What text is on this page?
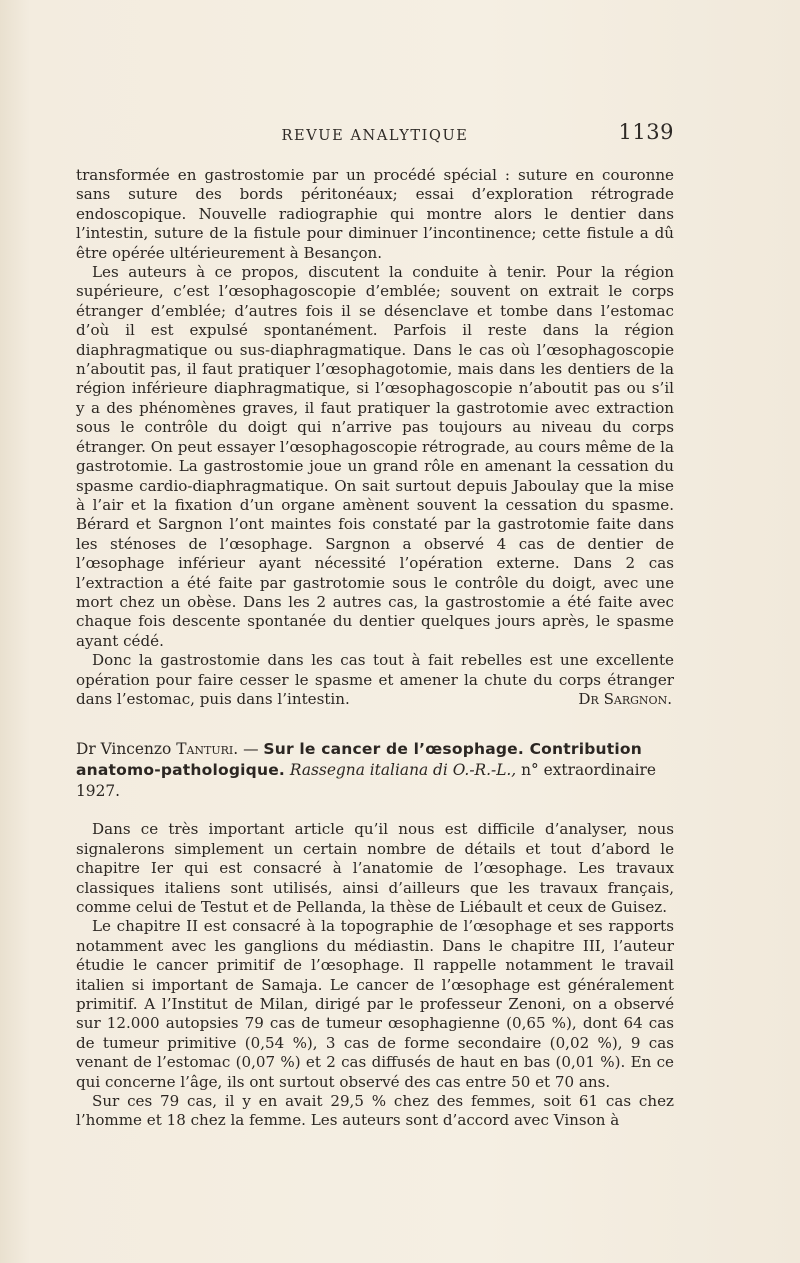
REVUE ANALYTIQUE	1139

transformée en gastrostomie par un procédé spécial : suture en couronne sans suture des bords péritonéaux; essai d’exploration rétrograde endoscopique. Nouvelle radiographie qui montre alors le dentier dans l’intestin, suture de la fistule pour diminuer l’incontinence; cette fistule a dû être opérée ultérieurement à Besançon.

Les auteurs à ce propos, discutent la conduite à tenir. Pour la région supérieure, c’est l’œsophagoscopie d’emblée; souvent on extrait le corps étranger d’emblée; d’autres fois il se désenclave et tombe dans l’estomac d’où il est expulsé spontanément. Parfois il reste dans la région diaphragmatique ou sus-diaphragmatique. Dans le cas où l’œsophagoscopie n’aboutit pas, il faut pratiquer l’œsophagotomie, mais dans les dentiers de la région inférieure diaphragmatique, si l’œsophagoscopie n’aboutit pas ou s’il y a des phénomènes graves, il faut pratiquer la gastrotomie avec extraction sous le contrôle du doigt qui n’arrive pas toujours au niveau du corps étranger. On peut essayer l’œsophagoscopie rétrograde, au cours même de la gastrotomie. La gastrostomie joue un grand rôle en amenant la cessation du spasme cardio-diaphragmatique. On sait surtout depuis Jaboulay que la mise à l’air et la fixation d’un organe amènent souvent la cessation du spasme. Bérard et Sargnon l’ont maintes fois constaté par la gastrotomie faite dans les sténoses de l’œsophage. Sargnon a observé 4 cas de dentier de l’œsophage inférieur ayant nécessité l’opération externe. Dans 2 cas l’extraction a été faite par gastrotomie sous le contrôle du doigt, avec une mort chez un obèse. Dans les 2 autres cas, la gastrostomie a été faite avec chaque fois descente spontanée du dentier quelques jours après, le spasme ayant cédé.

Donc la gastrostomie dans les cas tout à fait rebelles est une excellente opération pour faire cesser le spasme et amener la chute du corps étranger dans l’estomac, puis dans l’intestin.	Dr Sargnon.

Dr Vincenzo Tanturi. — Sur le cancer de l’œsophage. Contribution anatomo-pathologique. Rassegna italiana di O.-R.-L., n° extraordinaire 1927.

Dans ce très important article qu’il nous est difficile d’analyser, nous signalerons simplement un certain nombre de détails et tout d’abord le chapitre Ier qui est consacré à l’anatomie de l’œsophage. Les travaux classiques italiens sont utilisés, ainsi d’ailleurs que les travaux français, comme celui de Testut et de Pellanda, la thèse de Liébault et ceux de Guisez.

Le chapitre II est consacré à la topographie de l’œsophage et ses rapports notamment avec les ganglions du médiastin. Dans le chapitre III, l’auteur étudie le cancer primitif de l’œsophage. Il rappelle notamment le travail italien si important de Samaja. Le cancer de l’œsophage est généralement primitif. A l’Institut de Milan, dirigé par le professeur Zenoni, on a observé sur 12.000 autopsies 79 cas de tumeur œsophagienne (0,65 %), dont 64 cas de tumeur primitive (0,54 %), 3 cas de forme secondaire (0,02 %), 9 cas venant de l’estomac (0,07 %) et 2 cas diffusés de haut en bas (0,01 %). En ce qui concerne l’âge, ils ont surtout observé des cas entre 50 et 70 ans.

Sur ces 79 cas, il y en avait 29,5 % chez des femmes, soit 61 cas chez l’homme et 18 chez la femme. Les auteurs sont d’accord avec Vinson à
